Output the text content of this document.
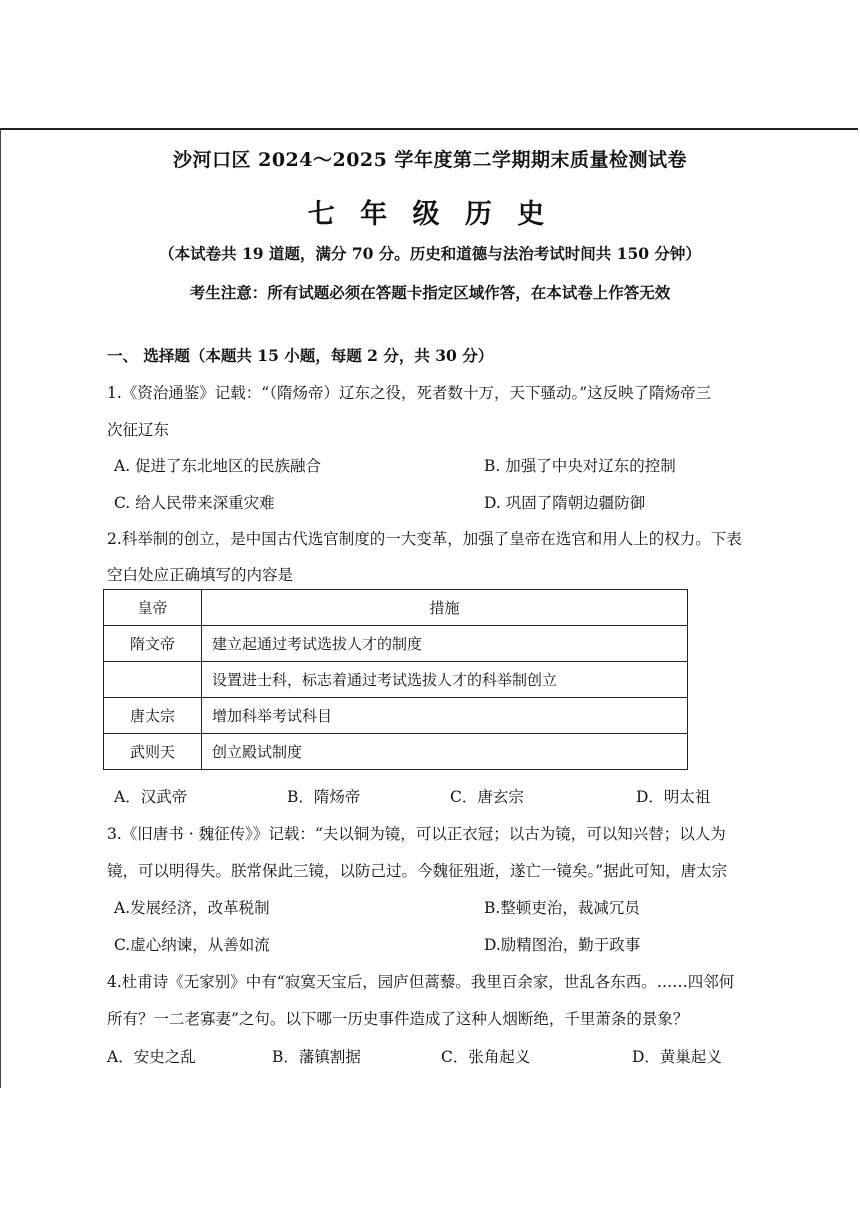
沙河口区 2024～2025 学年度第二学期期末质量检测试卷
七 年 级 历 史
（本试卷共 19 道题，满分 70 分。历史和道德与法治考试时间共 150 分钟）
考生注意：所有试题必须在答题卡指定区域作答，在本试卷上作答无效
一、 选择题（本题共 15 小题，每题 2 分，共 30 分）
1.《资治通鉴》记载：“（隋炀帝）辽东之役，死者数十万，天下骚动。”这反映了隋炀帝三
次征辽东
A. 促进了东北地区的民族融合	B. 加强了中央对辽东的控制
C. 给人民带来深重灾难	D. 巩固了隋朝边疆防御
2.科举制的创立，是中国古代选官制度的一大变革，加强了皇帝在选官和用人上的权力。下表
空白处应正确填写的内容是
皇帝	措施
隋文帝	建立起通过考试选拔人才的制度
	设置进士科，标志着通过考试选拔人才的科举制创立
唐太宗	增加科举考试科目
武则天	创立殿试制度
A．汉武帝	B．隋炀帝	C．唐玄宗	D．明太祖
3.《旧唐书 · 魏征传》》记载：“夫以铜为镜，可以正衣冠；以古为镜，可以知兴替；以人为
镜，可以明得失。朕常保此三镜，以防己过。今魏征殂逝，遂亡一镜矣。”据此可知，唐太宗
A.发展经济，改革税制	B.整顿吏治，裁减冗员
C.虚心纳谏，从善如流	D.励精图治，勤于政事
4.杜甫诗《无家别》中有“寂寞天宝后，园庐但蒿藜。我里百余家，世乱各东西。……四邻何
所有？一二老寡妻”之句。以下哪一历史事件造成了这种人烟断绝，千里萧条的景象？
A．安史之乱	B．藩镇割据	C．张角起义	D．黄巢起义
